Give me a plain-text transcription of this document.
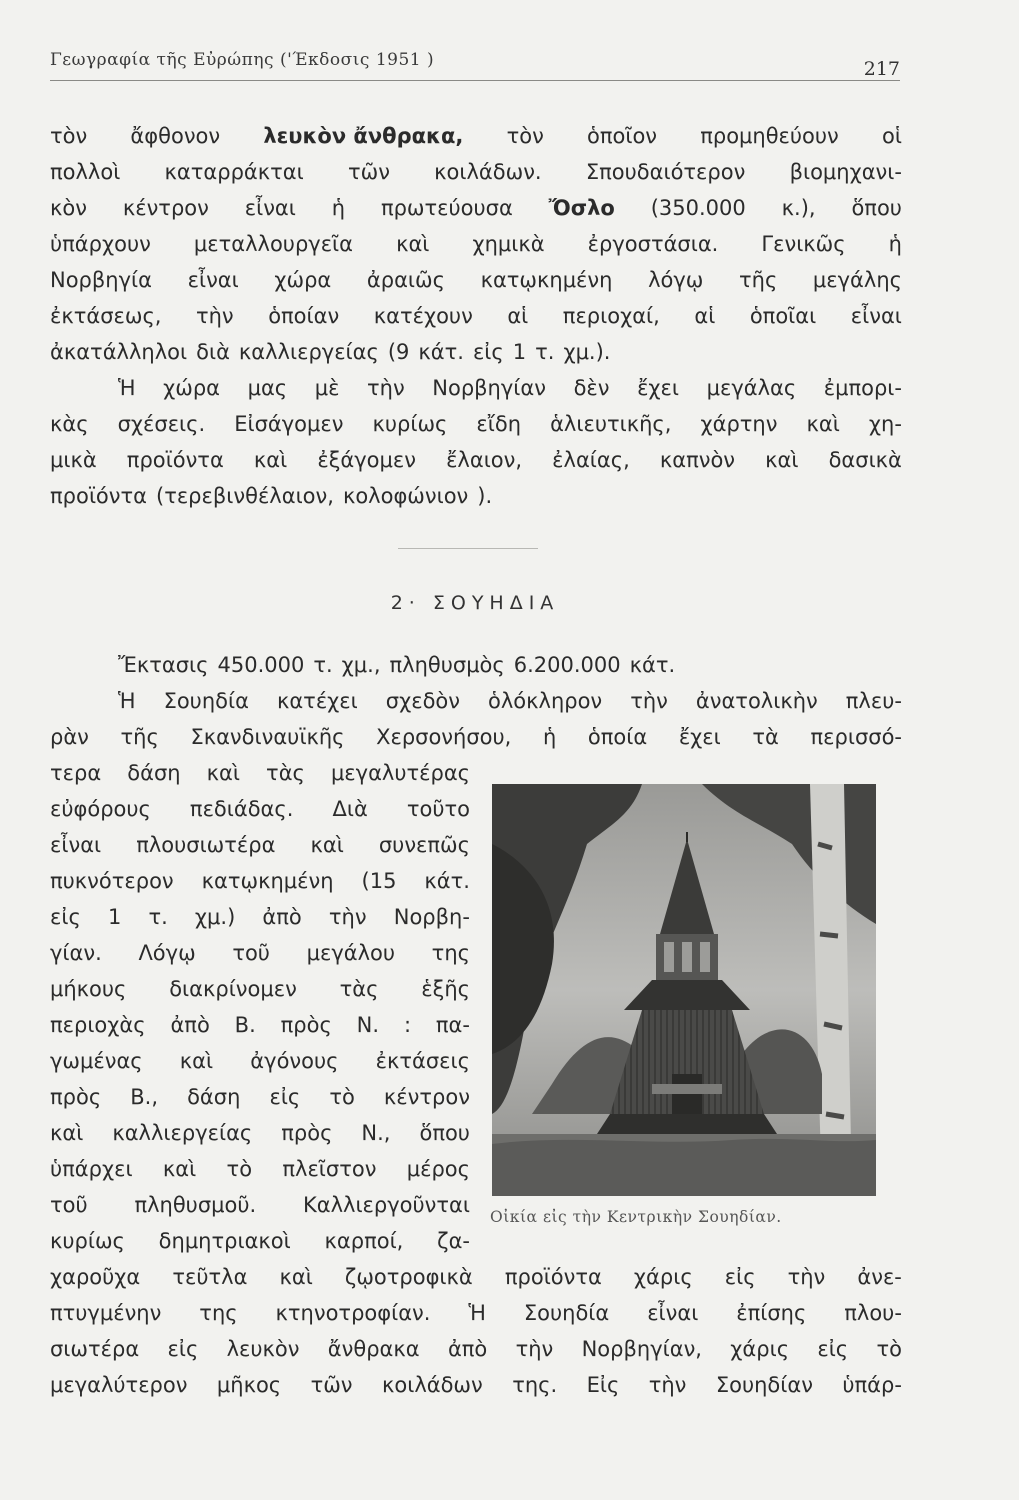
Γεωγραφία τῆς Εὐρώπης ('Έκδοσις 1951 )	217
τὸν ἄφθονον λευκὸν ἄνθρακα, τὸν ὁποῖον προμηθεύουν οἱ
πολλοὶ καταρράκται τῶν κοιλάδων. Σπουδαιότερον βιομηχανι-
κὸν κέντρον εἶναι ἡ πρωτεύουσα Ὄσλο (350.000 κ.), ὅπου
ὑπάρχουν μεταλλουργεῖα καὶ χημικὰ ἐργοστάσια. Γενικῶς ἡ
Νορβηγία εἶναι χώρα ἀραιῶς κατῳκημένη λόγῳ τῆς μεγάλης
ἐκτάσεως, τὴν ὁποίαν κατέχουν αἱ περιοχαί, αἱ ὁποῖαι εἶναι
ἀκατάλληλοι διὰ καλλιεργείας (9 κάτ. εἰς 1 τ. χμ.).
Ἡ χώρα μας μὲ τὴν Νορβηγίαν δὲν ἔχει μεγάλας ἐμπορι-
κὰς σχέσεις. Εἰσάγομεν κυρίως εἴδη ἁλιευτικῆς, χάρτην καὶ χη-
μικὰ προϊόντα καὶ ἐξάγομεν ἔλαιον, ἐλαίας, καπνὸν καὶ δασικὰ
προϊόντα (τερεβινθέλαιον, κολοφώνιον ).
2· ΣΟΥΗΔΙΑ
Ἔκτασις 450.000 τ. χμ., πληθυσμὸς 6.200.000 κάτ.
Ἡ Σουηδία κατέχει σχεδὸν ὁλόκληρον τὴν ἀνατολικὴν πλευ-
ρὰν τῆς Σκανδιναυϊκῆς Χερσονήσου, ἡ ὁποία ἔχει τὰ περισσό-
τερα δάση καὶ τὰς μεγαλυτέρας
εὐφόρους πεδιάδας. Διὰ τοῦτο
εἶναι πλουσιωτέρα καὶ συνεπῶς
πυκνότερον κατῳκημένη (15 κάτ.
εἰς 1 τ. χμ.) ἀπὸ τὴν Νορβη-
γίαν. Λόγῳ τοῦ μεγάλου της
μήκους διακρίνομεν τὰς ἑξῆς
περιοχὰς ἀπὸ Β. πρὸς Ν. : πα-
γωμένας καὶ ἀγόνους ἐκτάσεις
πρὸς Β., δάση εἰς τὸ κέντρον
καὶ καλλιεργείας πρὸς Ν., ὅπου
ὑπάρχει καὶ τὸ πλεῖστον μέρος
τοῦ πληθυσμοῦ. Καλλιεργοῦνται
κυρίως δημητριακοὶ καρποί, ζα-
χαροῦχα τεῦτλα καὶ ζῳοτροφικὰ προϊόντα χάρις εἰς τὴν ἀνε-
πτυγμένην της κτηνοτροφίαν. Ἡ Σουηδία εἶναι ἐπίσης πλου-
σιωτέρα εἰς λευκὸν ἄνθρακα ἀπὸ τὴν Νορβηγίαν, χάρις εἰς τὸ
μεγαλύτερον μῆκος τῶν κοιλάδων της. Εἰς τὴν Σουηδίαν ὑπάρ-
Οἰκία εἰς τὴν Κεντρικὴν Σουηδίαν.
